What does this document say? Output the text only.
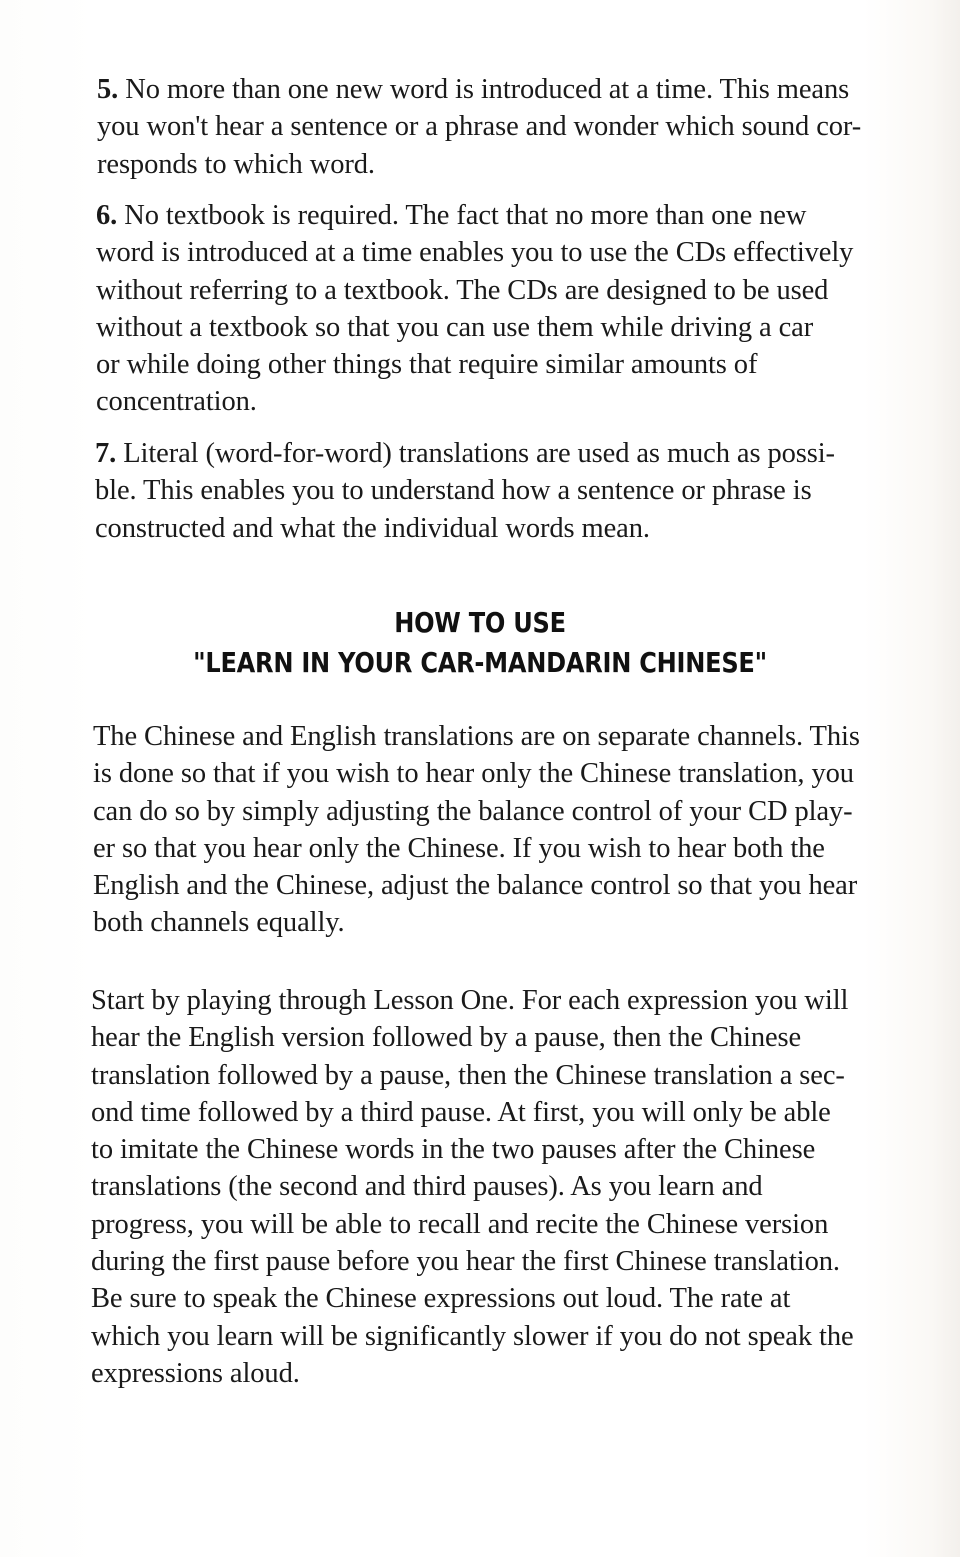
5. No more than one new word is introduced at a time. This means
you won't hear a sentence or a phrase and wonder which sound cor-
responds to which word.
6. No textbook is required. The fact that no more than one new
word is introduced at a time enables you to use the CDs effectively
without referring to a textbook. The CDs are designed to be used
without a textbook so that you can use them while driving a car
or while doing other things that require similar amounts of
concentration.
7. Literal (word-for-word) translations are used as much as possi-
ble. This enables you to understand how a sentence or phrase is
constructed and what the individual words mean.
HOW TO USE
"LEARN IN YOUR CAR-MANDARIN CHINESE"
The Chinese and English translations are on separate channels. This
is done so that if you wish to hear only the Chinese translation, you
can do so by simply adjusting the balance control of your CD play-
er so that you hear only the Chinese. If you wish to hear both the
English and the Chinese, adjust the balance control so that you hear
both channels equally.
Start by playing through Lesson One. For each expression you will
hear the English version followed by a pause, then the Chinese
translation followed by a pause, then the Chinese translation a sec-
ond time followed by a third pause. At first, you will only be able
to imitate the Chinese words in the two pauses after the Chinese
translations (the second and third pauses). As you learn and
progress, you will be able to recall and recite the Chinese version
during the first pause before you hear the first Chinese translation.
Be sure to speak the Chinese expressions out loud. The rate at
which you learn will be significantly slower if you do not speak the
expressions aloud.
